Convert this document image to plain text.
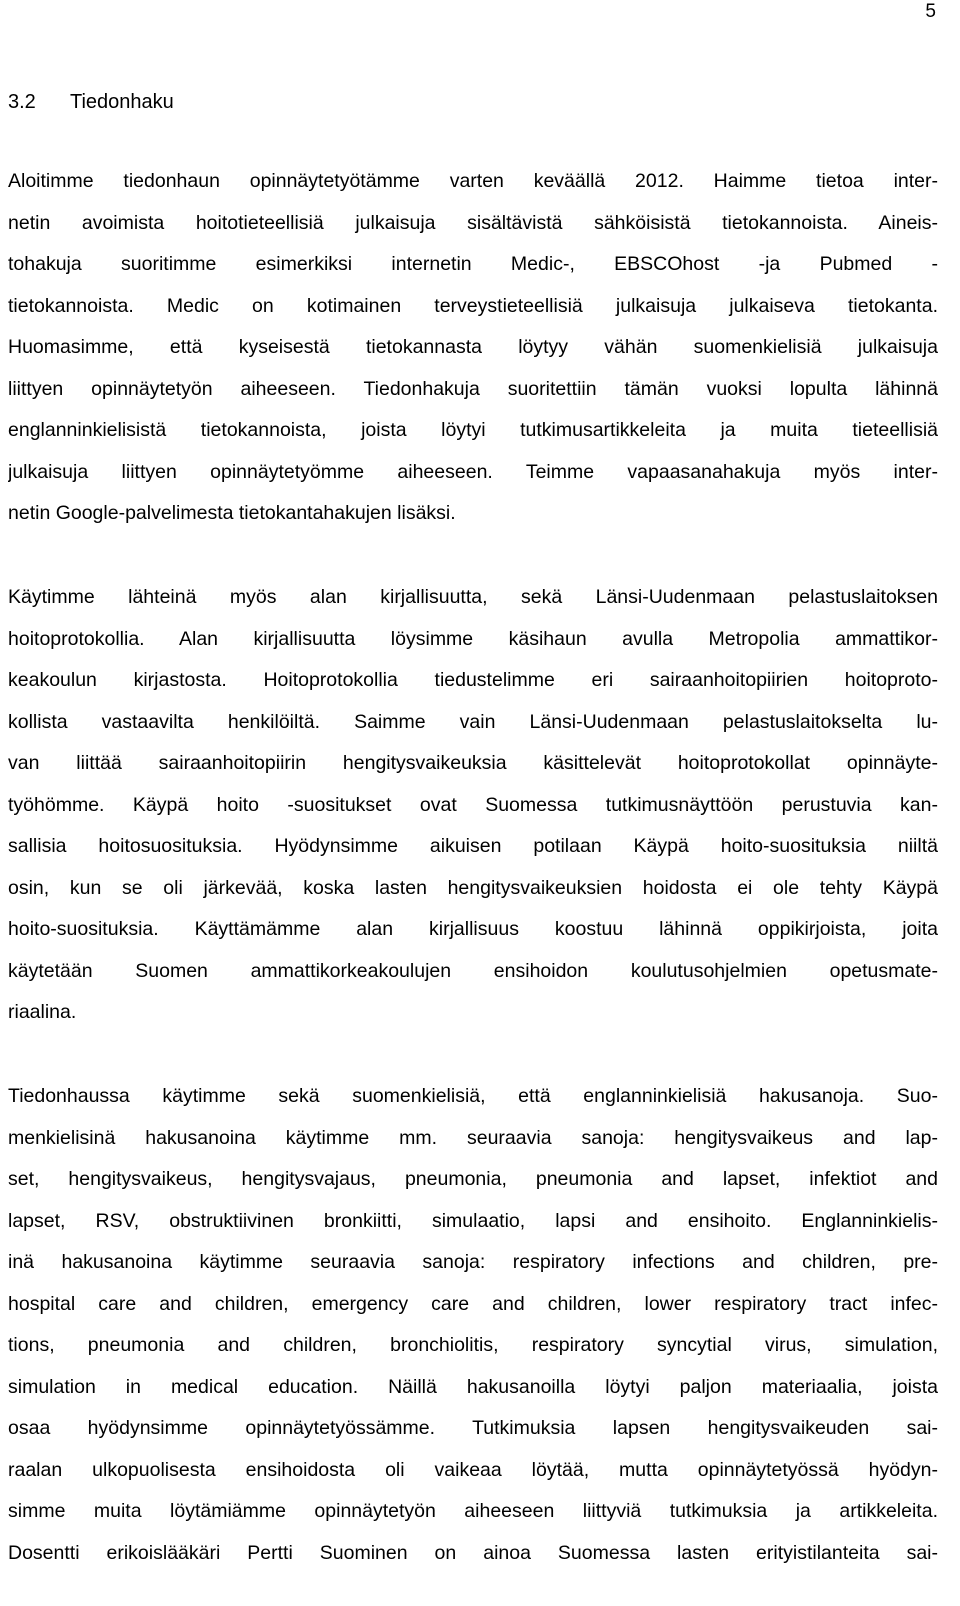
5
3.2 Tiedonhaku
Aloitimme tiedonhaun opinnäytetyötämme varten keväällä 2012. Haimme tietoa inter-
netin avoimista hoitotieteellisiä julkaisuja sisältävistä sähköisistä tietokannoista. Aineis-
tohakuja suoritimme esimerkiksi internetin Medic-, EBSCOhost -ja Pubmed -
tietokannoista. Medic on kotimainen terveystieteellisiä julkaisuja julkaiseva tietokanta.
Huomasimme, että kyseisestä tietokannasta löytyy vähän suomenkielisiä julkaisuja
liittyen opinnäytetyön aiheeseen. Tiedonhakuja suoritettiin tämän vuoksi lopulta lähinnä
englanninkielisistä tietokannoista, joista löytyi tutkimusartikkeleita ja muita tieteellisiä
julkaisuja liittyen opinnäytetyömme aiheeseen. Teimme vapaasanahakuja myös inter-
netin Google-palvelimesta tietokantahakujen lisäksi.
Käytimme lähteinä myös alan kirjallisuutta, sekä Länsi-Uudenmaan pelastuslaitoksen
hoitoprotokollia. Alan kirjallisuutta löysimme käsihaun avulla Metropolia ammattikor-
keakoulun kirjastosta. Hoitoprotokollia tiedustelimme eri sairaanhoitopiirien hoitoproto-
kollista vastaavilta henkilöiltä. Saimme vain Länsi-Uudenmaan pelastuslaitokselta lu-
van liittää sairaanhoitopiirin hengitysvaikeuksia käsittelevät hoitoprotokollat opinnäyte-
työhömme. Käypä hoito -suositukset ovat Suomessa tutkimusnäyttöön perustuvia kan-
sallisia hoitosuosituksia. Hyödynsimme aikuisen potilaan Käypä hoito-suosituksia niiltä
osin, kun se oli järkevää, koska lasten hengitysvaikeuksien hoidosta ei ole tehty Käypä
hoito-suosituksia. Käyttämämme alan kirjallisuus koostuu lähinnä oppikirjoista, joita
käytetään Suomen ammattikorkeakoulujen ensihoidon koulutusohjelmien opetusmate-
riaalina.
Tiedonhaussa käytimme sekä suomenkielisiä, että englanninkielisiä hakusanoja. Suo-
menkielisinä hakusanoina käytimme mm. seuraavia sanoja: hengitysvaikeus and lap-
set, hengitysvaikeus, hengitysvajaus, pneumonia, pneumonia and lapset, infektiot and
lapset, RSV, obstruktiivinen bronkiitti, simulaatio, lapsi and ensihoito. Englanninkielis-
inä hakusanoina käytimme seuraavia sanoja: respiratory infections and children, pre-
hospital care and children, emergency care and children, lower respiratory tract infec-
tions, pneumonia and children, bronchiolitis, respiratory syncytial virus, simulation,
simulation in medical education. Näillä hakusanoilla löytyi paljon materiaalia, joista
osaa hyödynsimme opinnäytetyössämme. Tutkimuksia lapsen hengitysvaikeuden sai-
raalan ulkopuolisesta ensihoidosta oli vaikeaa löytää, mutta opinnäytetyössä hyödyn-
simme muita löytämiämme opinnäytetyön aiheeseen liittyviä tutkimuksia ja artikkeleita.
Dosentti erikoislääkäri Pertti Suominen on ainoa Suomessa lasten erityistilanteita sai-
